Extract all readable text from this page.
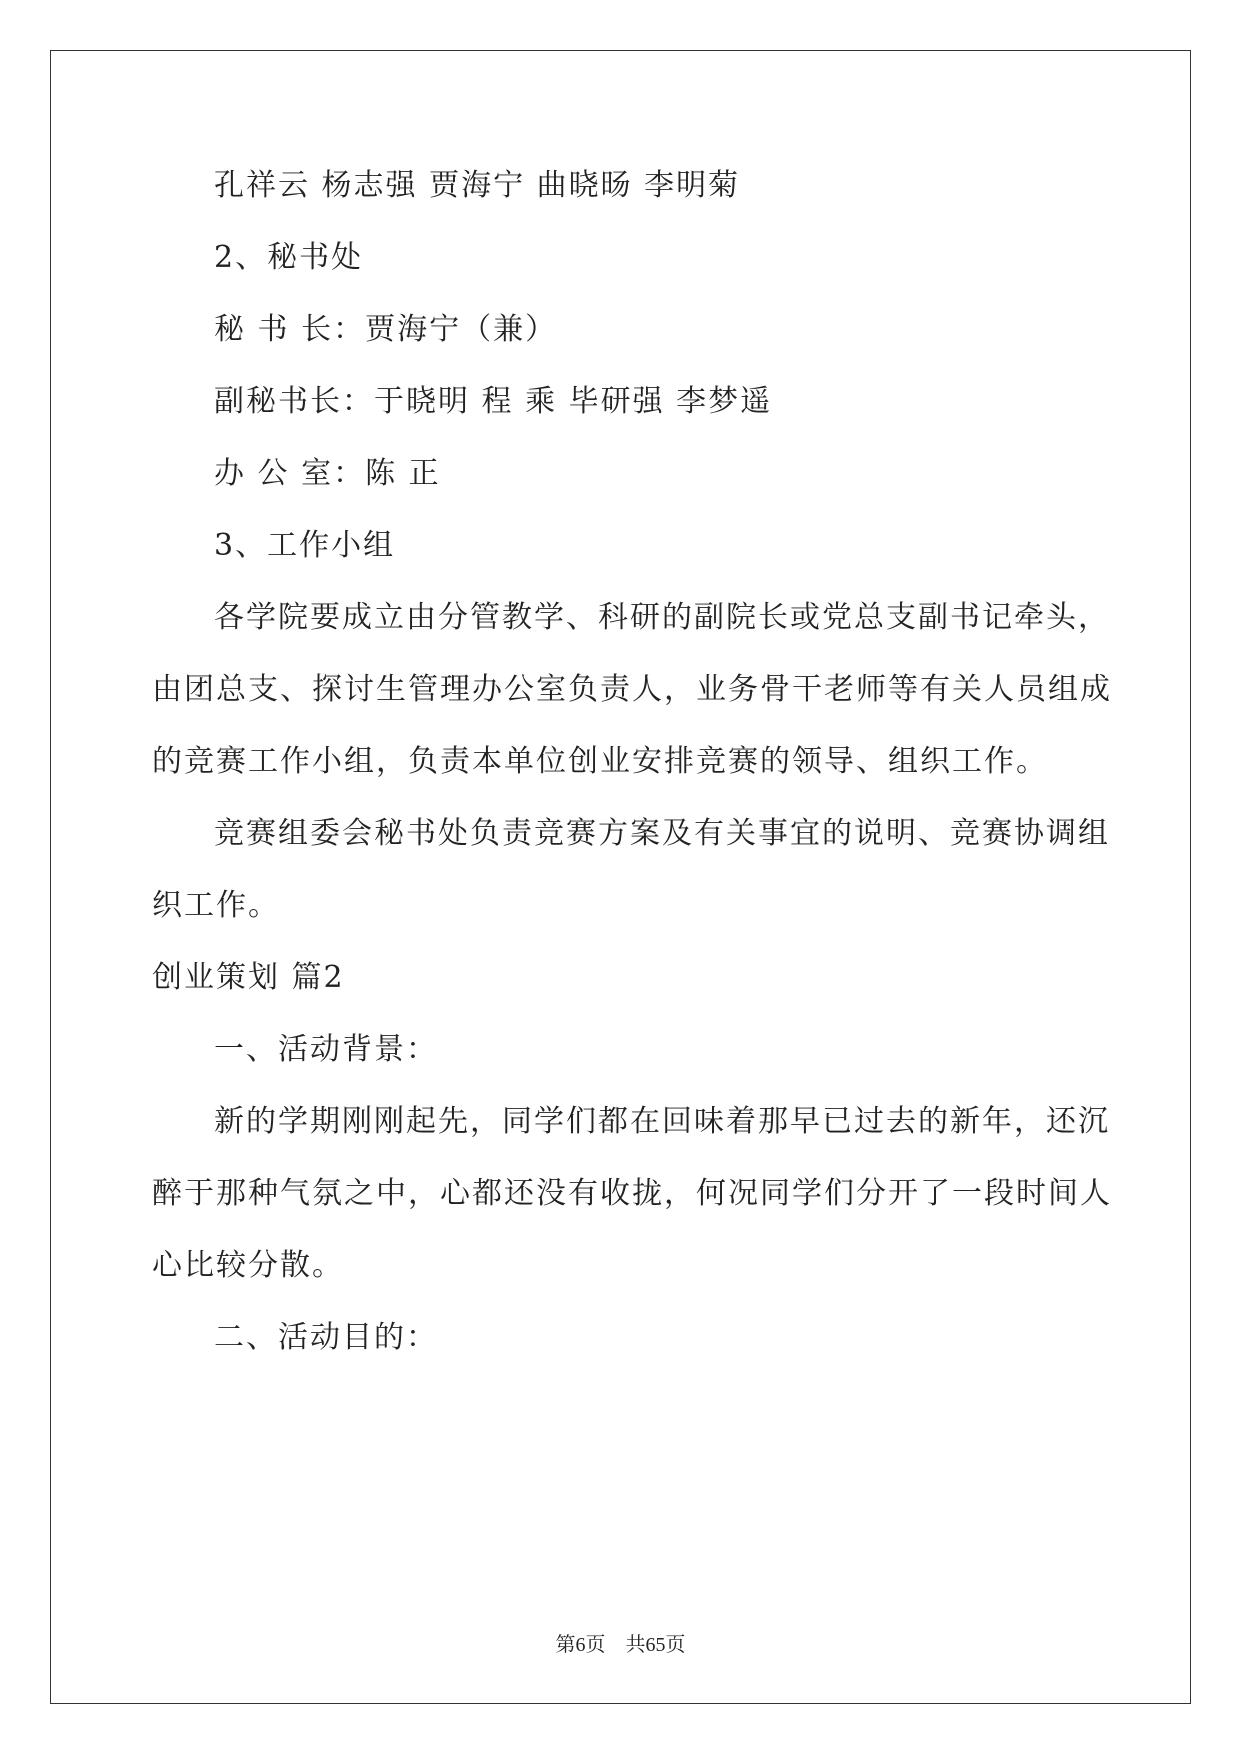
孔祥云 杨志强 贾海宁 曲晓旸 李明菊
2、秘书处
秘 书 长：贾海宁（兼）
副秘书长：于晓明 程 乘 毕研强 李梦遥
办 公 室：陈 正
3、工作小组
各学院要成立由分管教学、科研的副院长或党总支副书记牵头，
由团总支、探讨生管理办公室负责人，业务骨干老师等有关人员组成
的竞赛工作小组，负责本单位创业安排竞赛的领导、组织工作。
竞赛组委会秘书处负责竞赛方案及有关事宜的说明、竞赛协调组
织工作。
创业策划 篇2
一、活动背景：
新的学期刚刚起先，同学们都在回味着那早已过去的新年，还沉
醉于那种气氛之中，心都还没有收拢，何况同学们分开了一段时间人
心比较分散。
二、活动目的：
第6页　共65页
